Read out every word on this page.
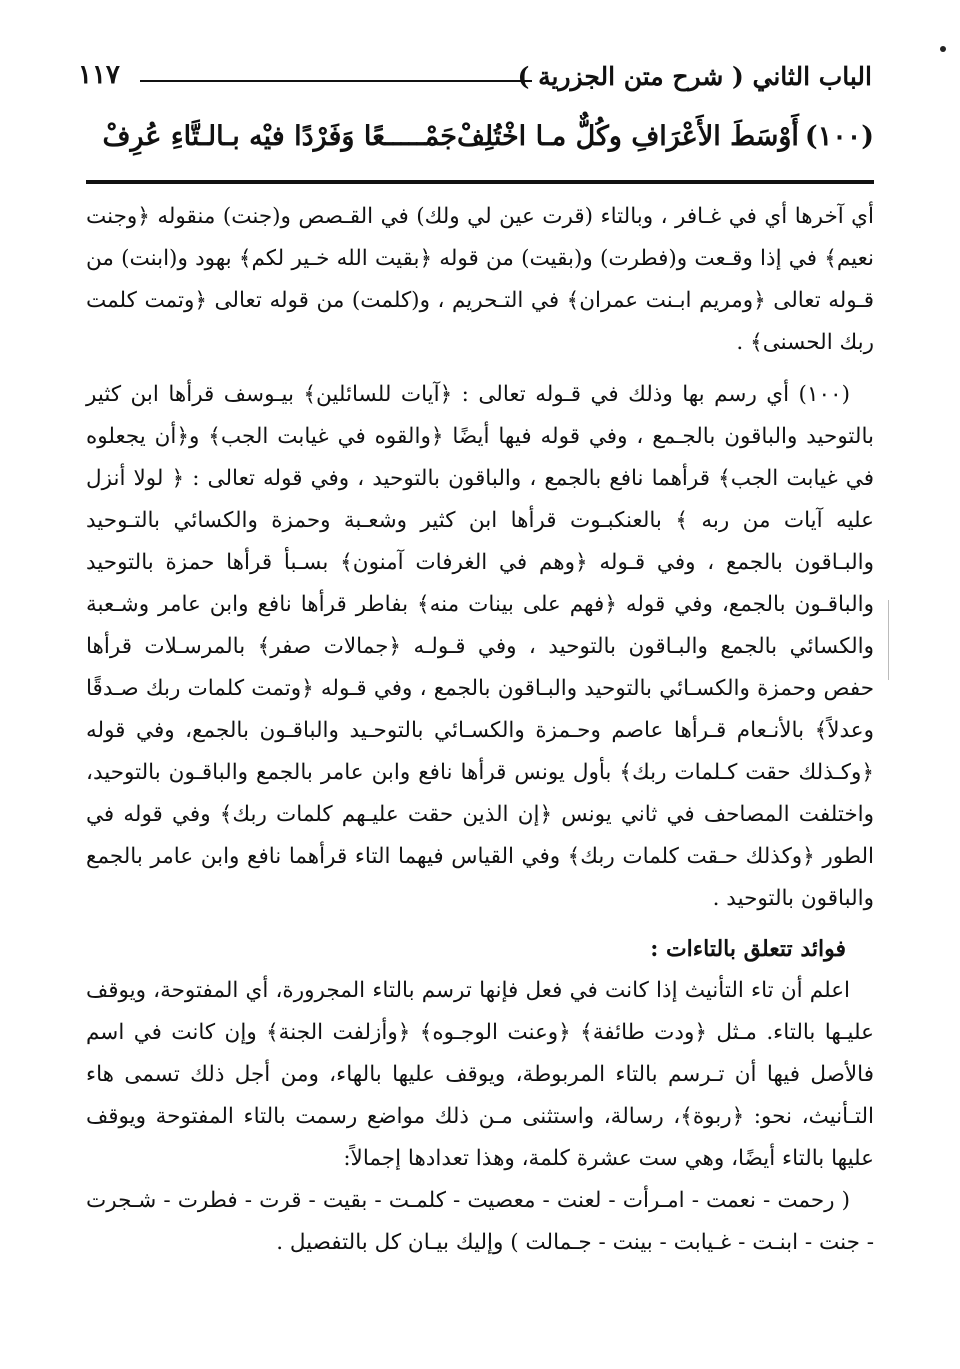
الباب الثاني ( شرح متن الجزرية )
١١٧
(١٠٠)أَوْسَطَ الأَعْرَافِ وكُلٌّ مـا اخْتُلِفْ
جَمْـــــعًا وَفَرْدًا فيْه بـالـتَّاءِ عُرِفْ

أي آخرها أي في غـافر ، وبالتاء (قرت عين لي ولك) في القـصص و(جنت) منقوله ﴿وجنت نعيم﴾ في إذا وقـعت و(فطرت) و(بقيت) من قوله ﴿بقيت الله خـير لكم﴾ بهود و(ابنت) من قـوله تعالى ﴿ومريم ابـنت عمران﴾ في التـحريم ، و(كلمت) من قوله تعالى ﴿وتمت كلمت ربك الحسنى﴾ .

(١٠٠) أي رسم بها وذلك في قـوله تعالى : ﴿آيات للسائلين﴾ بيـوسف قرأها ابن كثير بالتوحيد والباقون بالجـمع ، وفي قوله فيها أيضًا ﴿والقوه في غيابت الجب﴾ و﴿أن يجعلوه في غيابت الجب﴾ قرأهما نافع بالجمع ، والباقون بالتوحيد ، وفي قوله تعالى : ﴿ لولا أنزل عليه آيات من ربه ﴾ بالعنكبـوت قرأها ابن كثير وشعـبة وحمزة والكسائي بالتـوحيد والبـاقون بالجمع ، وفي قـوله ﴿وهم في الغرفات آمنون﴾ بسـبأ قرأها حمزة بالتوحيد والباقـون بالجمع، وفي قوله ﴿فهم على بينات منه﴾ بفاطر قرأها نافع وابن عامر وشـعبة والكسائي بالجمع والبـاقون بالتوحيد ، وفي قـولـه ﴿جمالات صفر﴾ بالمرسـلات قرأها حفص وحمزة والكسـائي بالتوحيد والبـاقون بالجمع ، وفي قـوله ﴿وتمت كلمات ربك صـدقًا وعدلاً﴾ بالأنـعام قـرأها عاصم وحـمزة والكسـائي بالتوحـيد والباقـون بالجمع، وفي قوله ﴿وكـذلك حقت كـلمات ربك﴾ بأول يونس قرأها نافع وابن عامر بالجمع والباقـون بالتوحيد، واختلفت المصاحف في ثاني يونس ﴿إن الذين حقت عليـهم كلمات ربك﴾ وفي قوله في الطور ﴿وكذلك حـقت كلمات ربك﴾ وفي القياس فيهما التاء قرأهما نافع وابن عامر بالجمع والباقون بالتوحيد .

فوائد تتعلق بالتاءات :

اعلم أن تاء التأنيث إذا كانت في فعل فإنها ترسم بالتاء المجرورة، أي المفتوحة، ويوقف عليـها بالتاء. مـثل ﴿ودت طائفة﴾ ﴿وعنت الوجـوه﴾ ﴿وأزلفت الجنة﴾ وإن كانت في اسم فالأصل فيها أن تـرسم بالتاء المربوطة، ويوقف عليها بالهاء، ومن أجل ذلك تسمى هاء التـأنيث، نحو: ﴿ربوة﴾، رسالة، واستثنى مـن ذلك مواضع رسمت بالتاء المفتوحة ويوقف عليها بالتاء أيضًا، وهي ست عشرة كلمة، وهذا تعدادها إجمالاً:

( رحمت - نعمت - امـرأت - لعنت - معصيت - كلمـت - بقيت - قرت - فطرت - شـجرت - جنت - ابنـت - غـيابت - بينت - جـمالت ) وإليك بيـان كل بالتفصيل .
